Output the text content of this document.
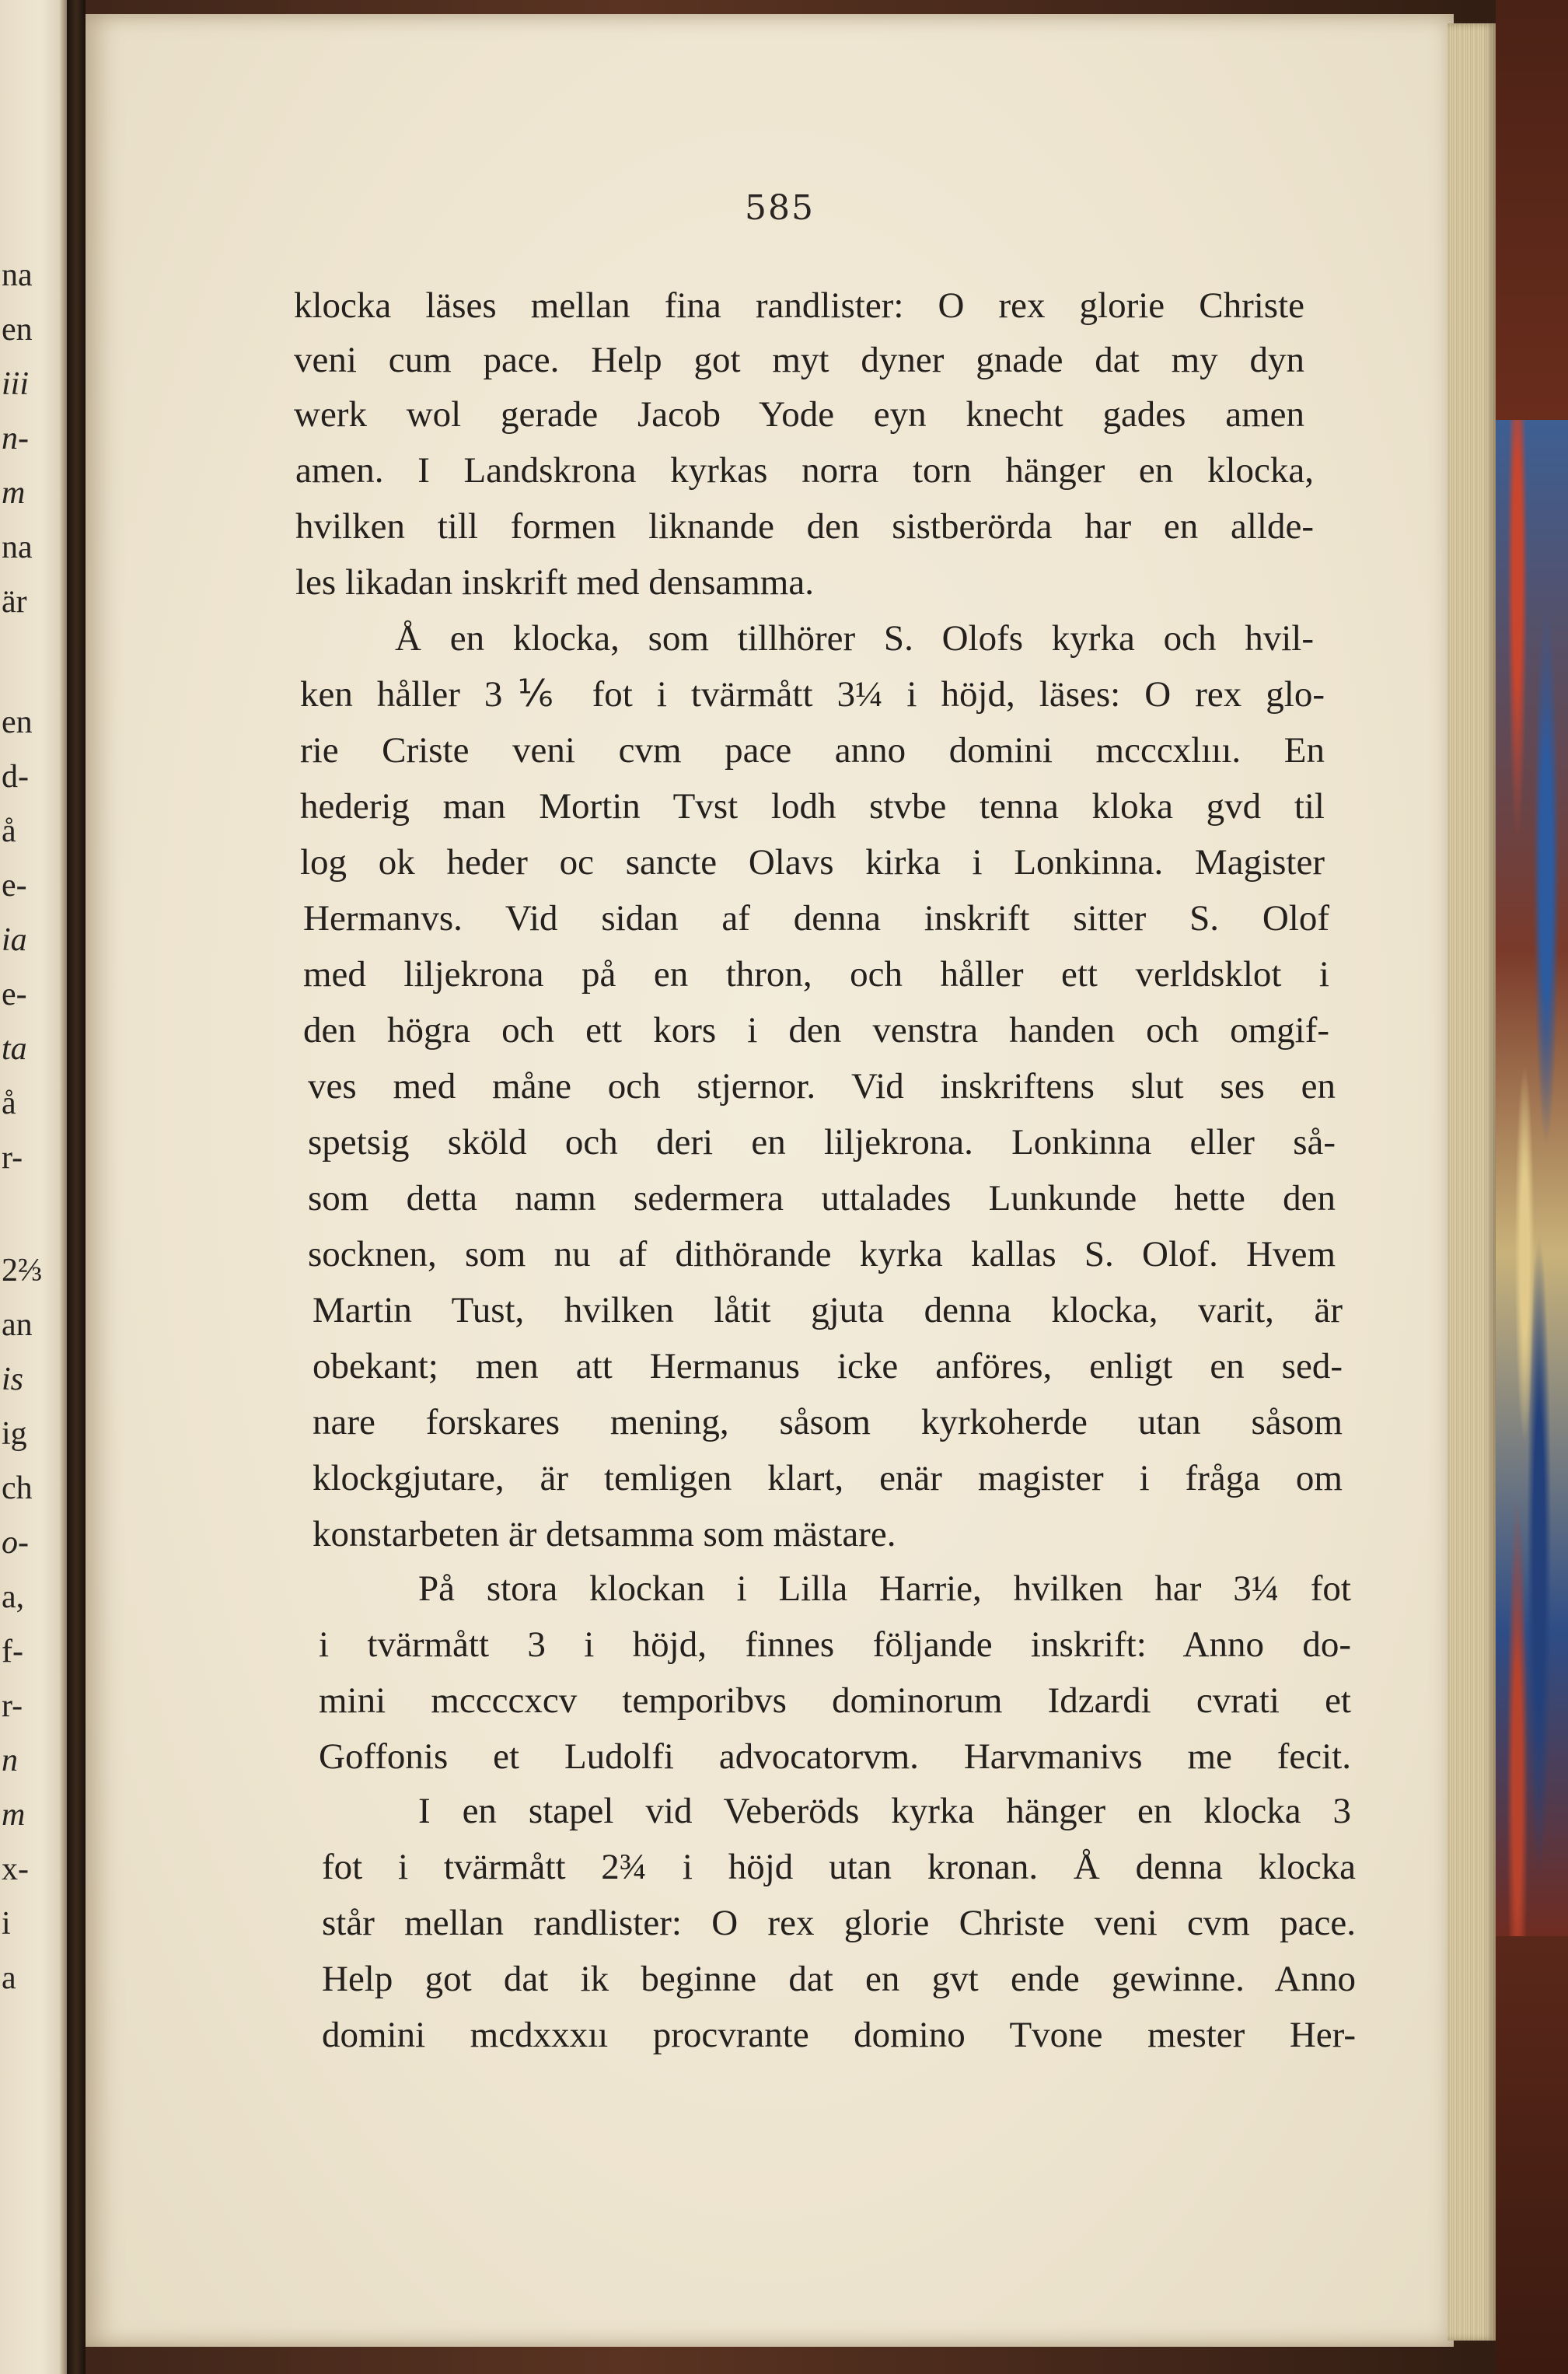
na
en
iii
n-
m
na
är
en
d-
å
e-
ia
e-
ta
å
r-
2⅔
an
is
ig
ch
o-
a,
f-
r-
n
m
x-
i
a
585
klocka läses mellan fina randlister: O rex glorie Christe
veni cum pace. Help got myt dyner gnade dat my dyn
werk wol gerade Jacob Yode eyn knecht gades amen
amen. I Landskrona kyrkas norra torn hänger en klocka,
hvilken till formen liknande den sistberörda har en allde-
les likadan inskrift med densamma.
Å en klocka, som tillhörer S. Olofs kyrka och hvil-
ken håller 3⅙ fot i tvärmått 3¼ i höjd, läses: O rex glo-
rie Criste veni cvm pace anno domini mcccxlııı. En
hederig man Mortin Tvst lodh stvbe tenna kloka gvd til
log ok heder oc sancte Olavs kirka i Lonkinna. Magister
Hermanvs. Vid sidan af denna inskrift sitter S. Olof
med liljekrona på en thron, och håller ett verldsklot i
den högra och ett kors i den venstra handen och omgif-
ves med måne och stjernor. Vid inskriftens slut ses en
spetsig sköld och deri en liljekrona. Lonkinna eller så-
som detta namn sedermera uttalades Lunkunde hette den
socknen, som nu af dithörande kyrka kallas S. Olof. Hvem
Martin Tust, hvilken låtit gjuta denna klocka, varit, är
obekant; men att Hermanus icke anföres, enligt en sed-
nare forskares mening, såsom kyrkoherde utan såsom
klockgjutare, är temligen klart, enär magister i fråga om
konstarbeten är detsamma som mästare.
På stora klockan i Lilla Harrie, hvilken har 3¼ fot
i tvärmått 3 i höjd, finnes följande inskrift: Anno do-
mini mccccxcv temporibvs dominorum Idzardi cvrati et
Goffonis et Ludolfi advocatorvm. Harvmanivs me fecit.
I en stapel vid Veberöds kyrka hänger en klocka 3
fot i tvärmått 2¾ i höjd utan kronan. Å denna klocka
står mellan randlister: O rex glorie Christe veni cvm pace.
Help got dat ik beginne dat en gvt ende gewinne. Anno
domini mcdxxxıı procvrante domino Tvone mester Her-
